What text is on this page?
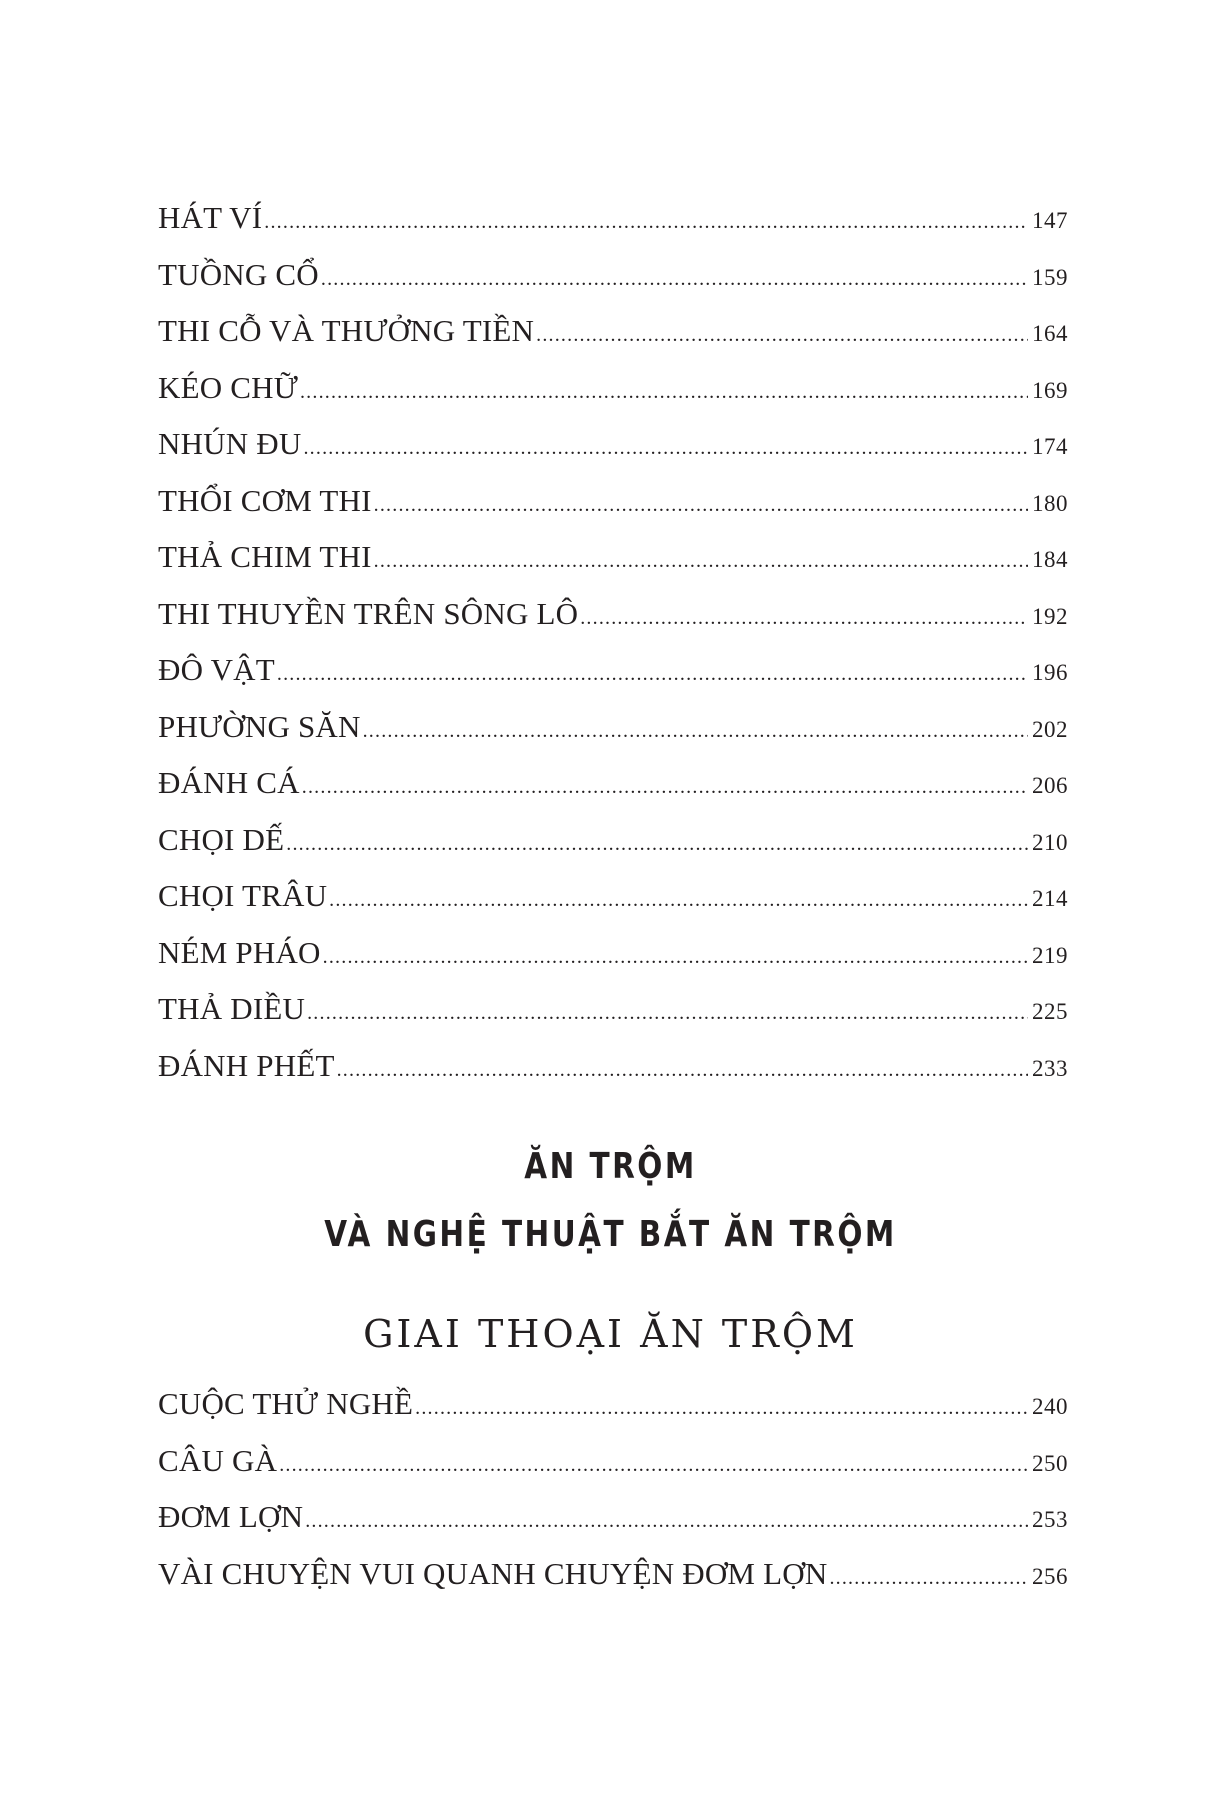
HÁT VÍ .....	147
TUỒNG CỔ .....	159
THI CỖ VÀ THƯỞNG TIỀN .....	164
KÉO CHỮ .....	169
NHÚN ĐU .....	174
THỔI CƠM THI .....	180
THẢ CHIM THI .....	184
THI THUYỀN TRÊN SÔNG LÔ .....	192
ĐÔ VẬT .....	196
PHƯỜNG SĂN .....	202
ĐÁNH CÁ .....	206
CHỌI DẾ .....	210
CHỌI TRÂU .....	214
NÉM PHÁO .....	219
THẢ DIỀU .....	225
ĐÁNH PHẾT .....	233
ĂN TRỘM
VÀ NGHỆ THUẬT BẮT ĂN TRỘM
GIAI THOẠI ĂN TRỘM
CUỘC THỬ NGHỀ .....	240
CÂU GÀ .....	250
ĐƠM LỢN .....	253
VÀI CHUYỆN VUI QUANH CHUYỆN ĐƠM LỢN .....	256
